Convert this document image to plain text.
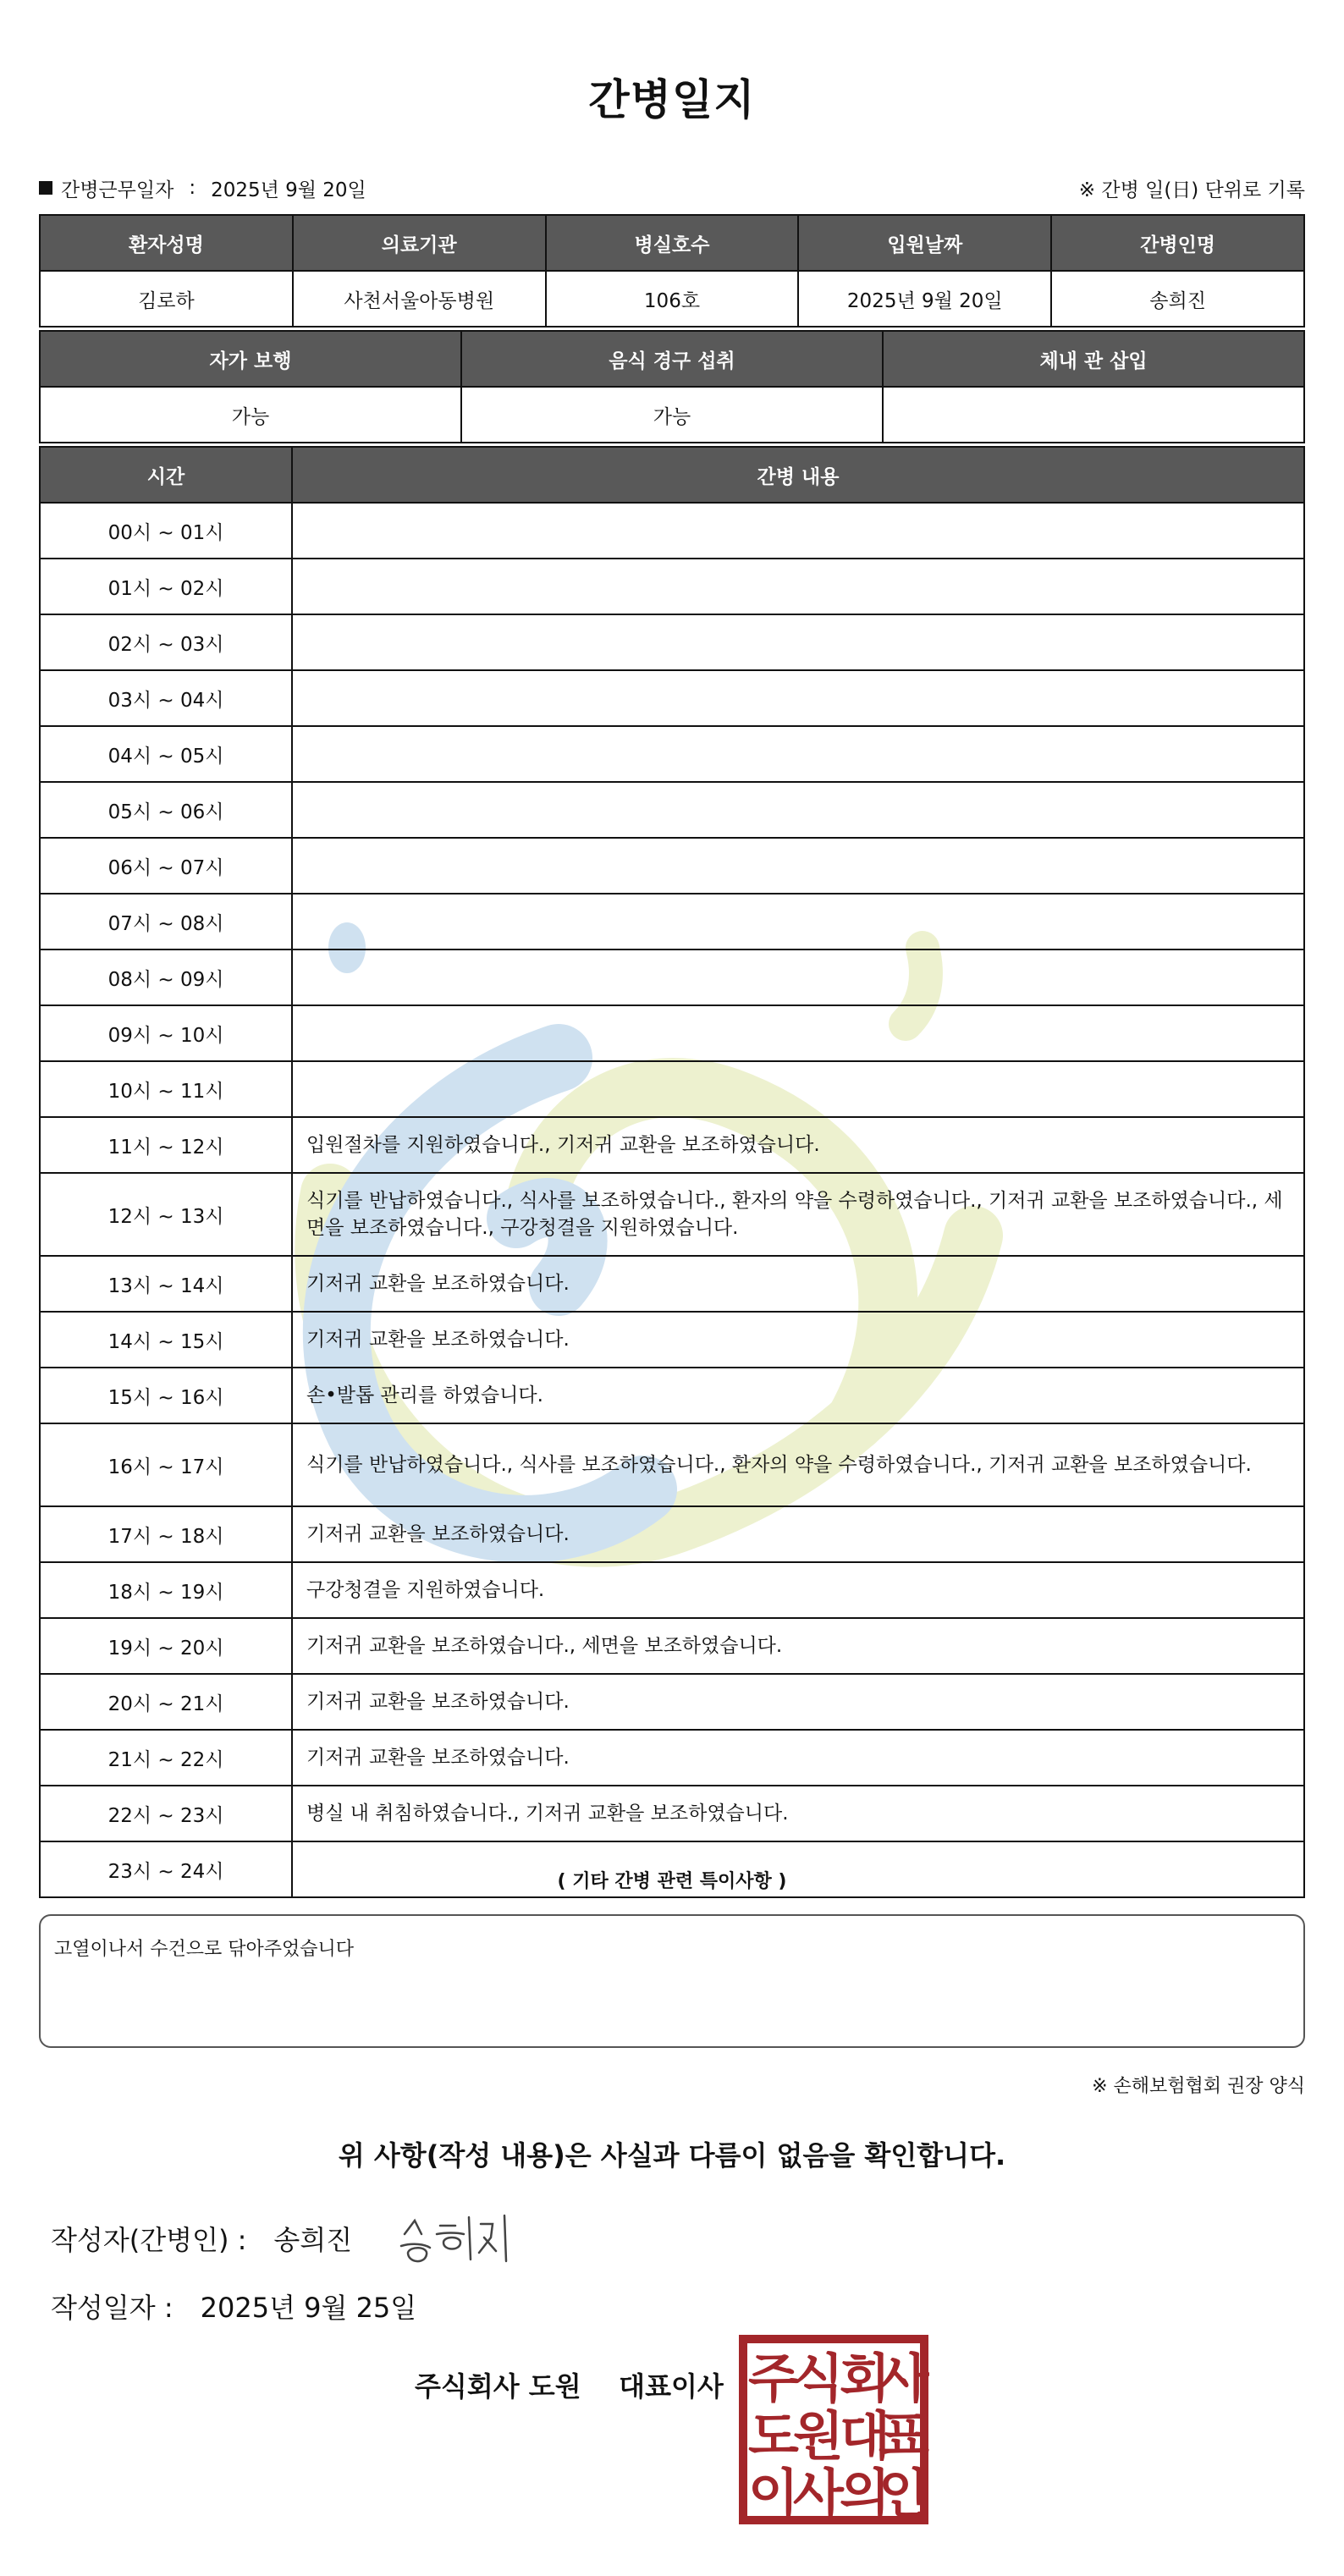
간병일지
간병근무일자 : 2025년 9월 20일	※ 간병 일(日) 단위로 기록
환자성명	의료기관	병실호수	입원날짜	간병인명
김로하	사천서울아동병원	106호	2025년 9월 20일	송희진
자가 보행	음식 경구 섭취	체내 관 삽입
가능	가능	
시간	간병 내용
00시 ~ 01시	
01시 ~ 02시	
02시 ~ 03시	
03시 ~ 04시	
04시 ~ 05시	
05시 ~ 06시	
06시 ~ 07시	
07시 ~ 08시	
08시 ~ 09시	
09시 ~ 10시	
10시 ~ 11시	
11시 ~ 12시	입원절차를 지원하였습니다., 기저귀 교환을 보조하였습니다.
12시 ~ 13시	식기를 반납하였습니다., 식사를 보조하였습니다., 환자의 약을 수령하였습니다., 기저귀 교환을 보조하였습니다., 세면을 보조하였습니다., 구강청결을 지원하였습니다.
13시 ~ 14시	기저귀 교환을 보조하였습니다.
14시 ~ 15시	기저귀 교환을 보조하였습니다.
15시 ~ 16시	손•발톱 관리를 하였습니다.
16시 ~ 17시	식기를 반납하였습니다., 식사를 보조하였습니다., 환자의 약을 수령하였습니다., 기저귀 교환을 보조하였습니다.
17시 ~ 18시	기저귀 교환을 보조하였습니다.
18시 ~ 19시	구강청결을 지원하였습니다.
19시 ~ 20시	기저귀 교환을 보조하였습니다., 세면을 보조하였습니다.
20시 ~ 21시	기저귀 교환을 보조하였습니다.
21시 ~ 22시	기저귀 교환을 보조하였습니다.
22시 ~ 23시	병실 내 취침하였습니다., 기저귀 교환을 보조하였습니다.
23시 ~ 24시		( 기타 간병 관련 특이사항 )
고열이나서 수건으로 닦아주었습니다
※ 손해보험협회 권장 양식
위 사항(작성 내용)은 사실과 다름이 없음을 확인합니다.
작성자(간병인) : 송희진
작성일자 : 2025년 9월 25일
주식회사 도원    대표이사 주
식
회
사
도
원
대
표
이
사
의
인
